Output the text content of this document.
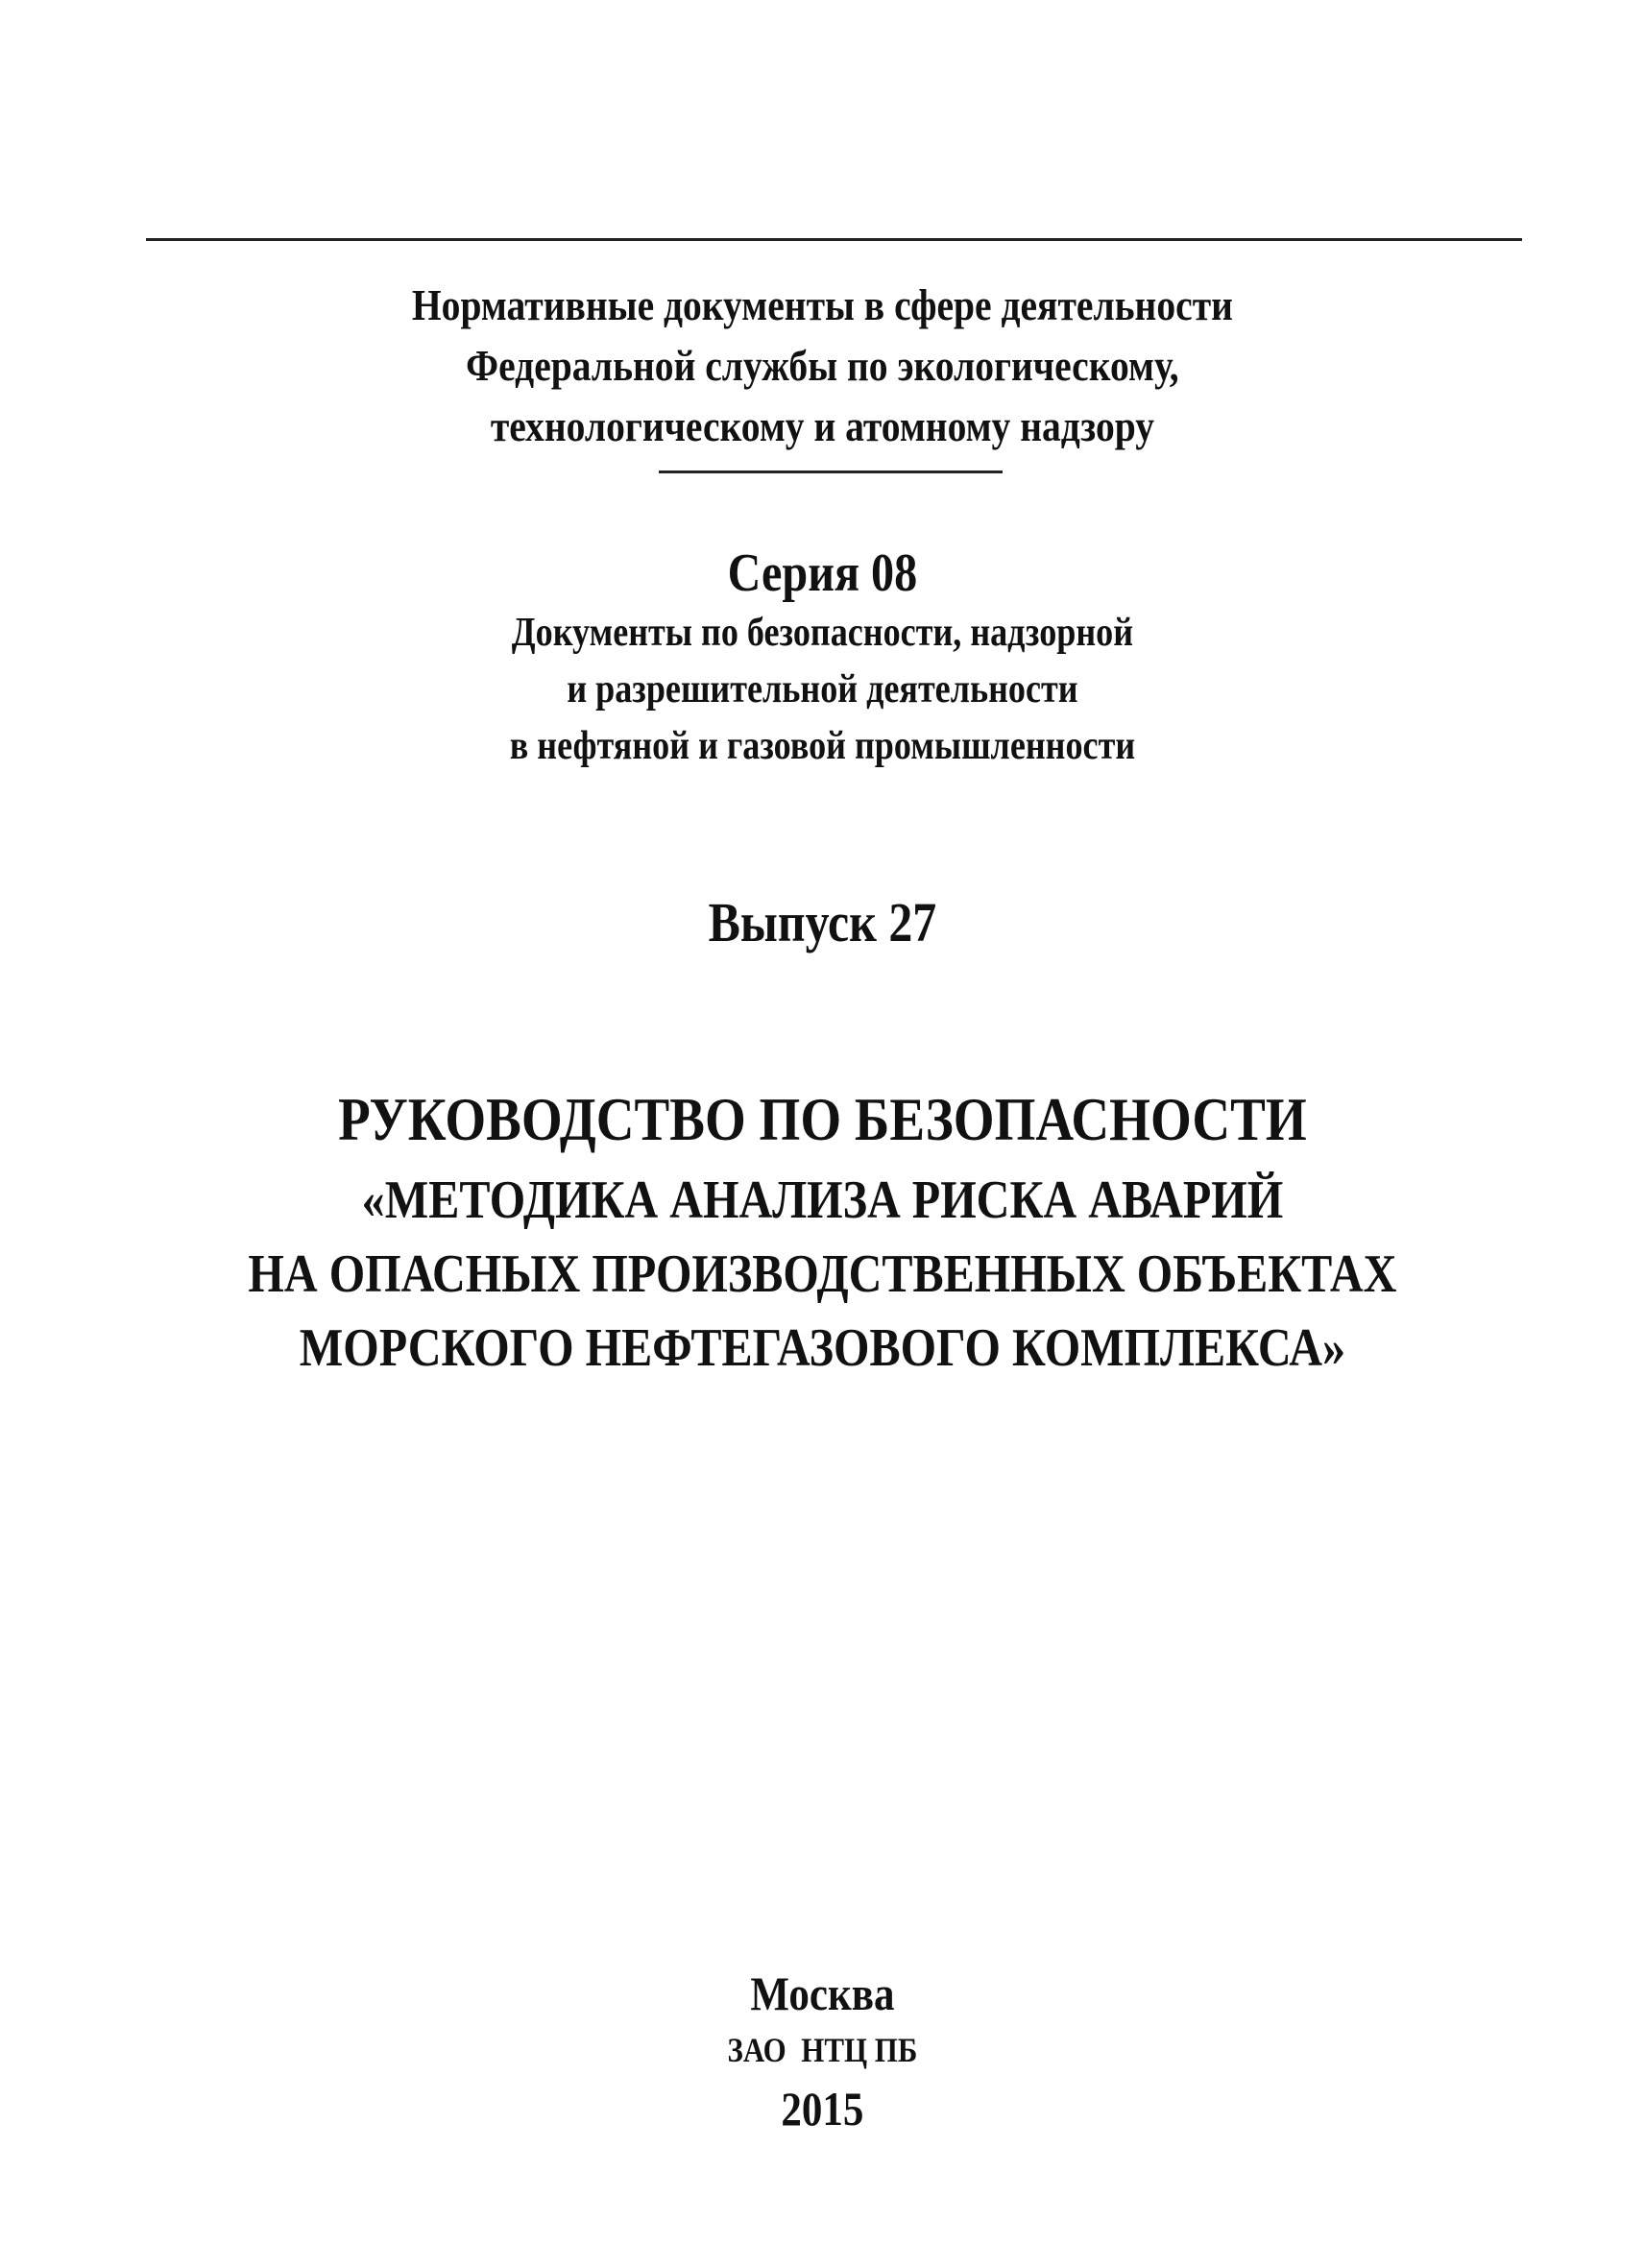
Нормативные документы в сфере деятельности
Федеральной службы по экологическому,
технологическому и атомному надзору
Серия 08
Документы по безопасности, надзорной
и разрешительной деятельности
в нефтяной и газовой промышленности
Выпуск 27
РУКОВОДСТВО ПО БЕЗОПАСНОСТИ
«МЕТОДИКА АНАЛИЗА РИСКА АВАРИЙ
НА ОПАСНЫХ ПРОИЗВОДСТВЕННЫХ ОБЪЕКТАХ
МОРСКОГО НЕФТЕГАЗОВОГО КОМПЛЕКСА»
Москва
ЗАО  НТЦ ПБ
2015
